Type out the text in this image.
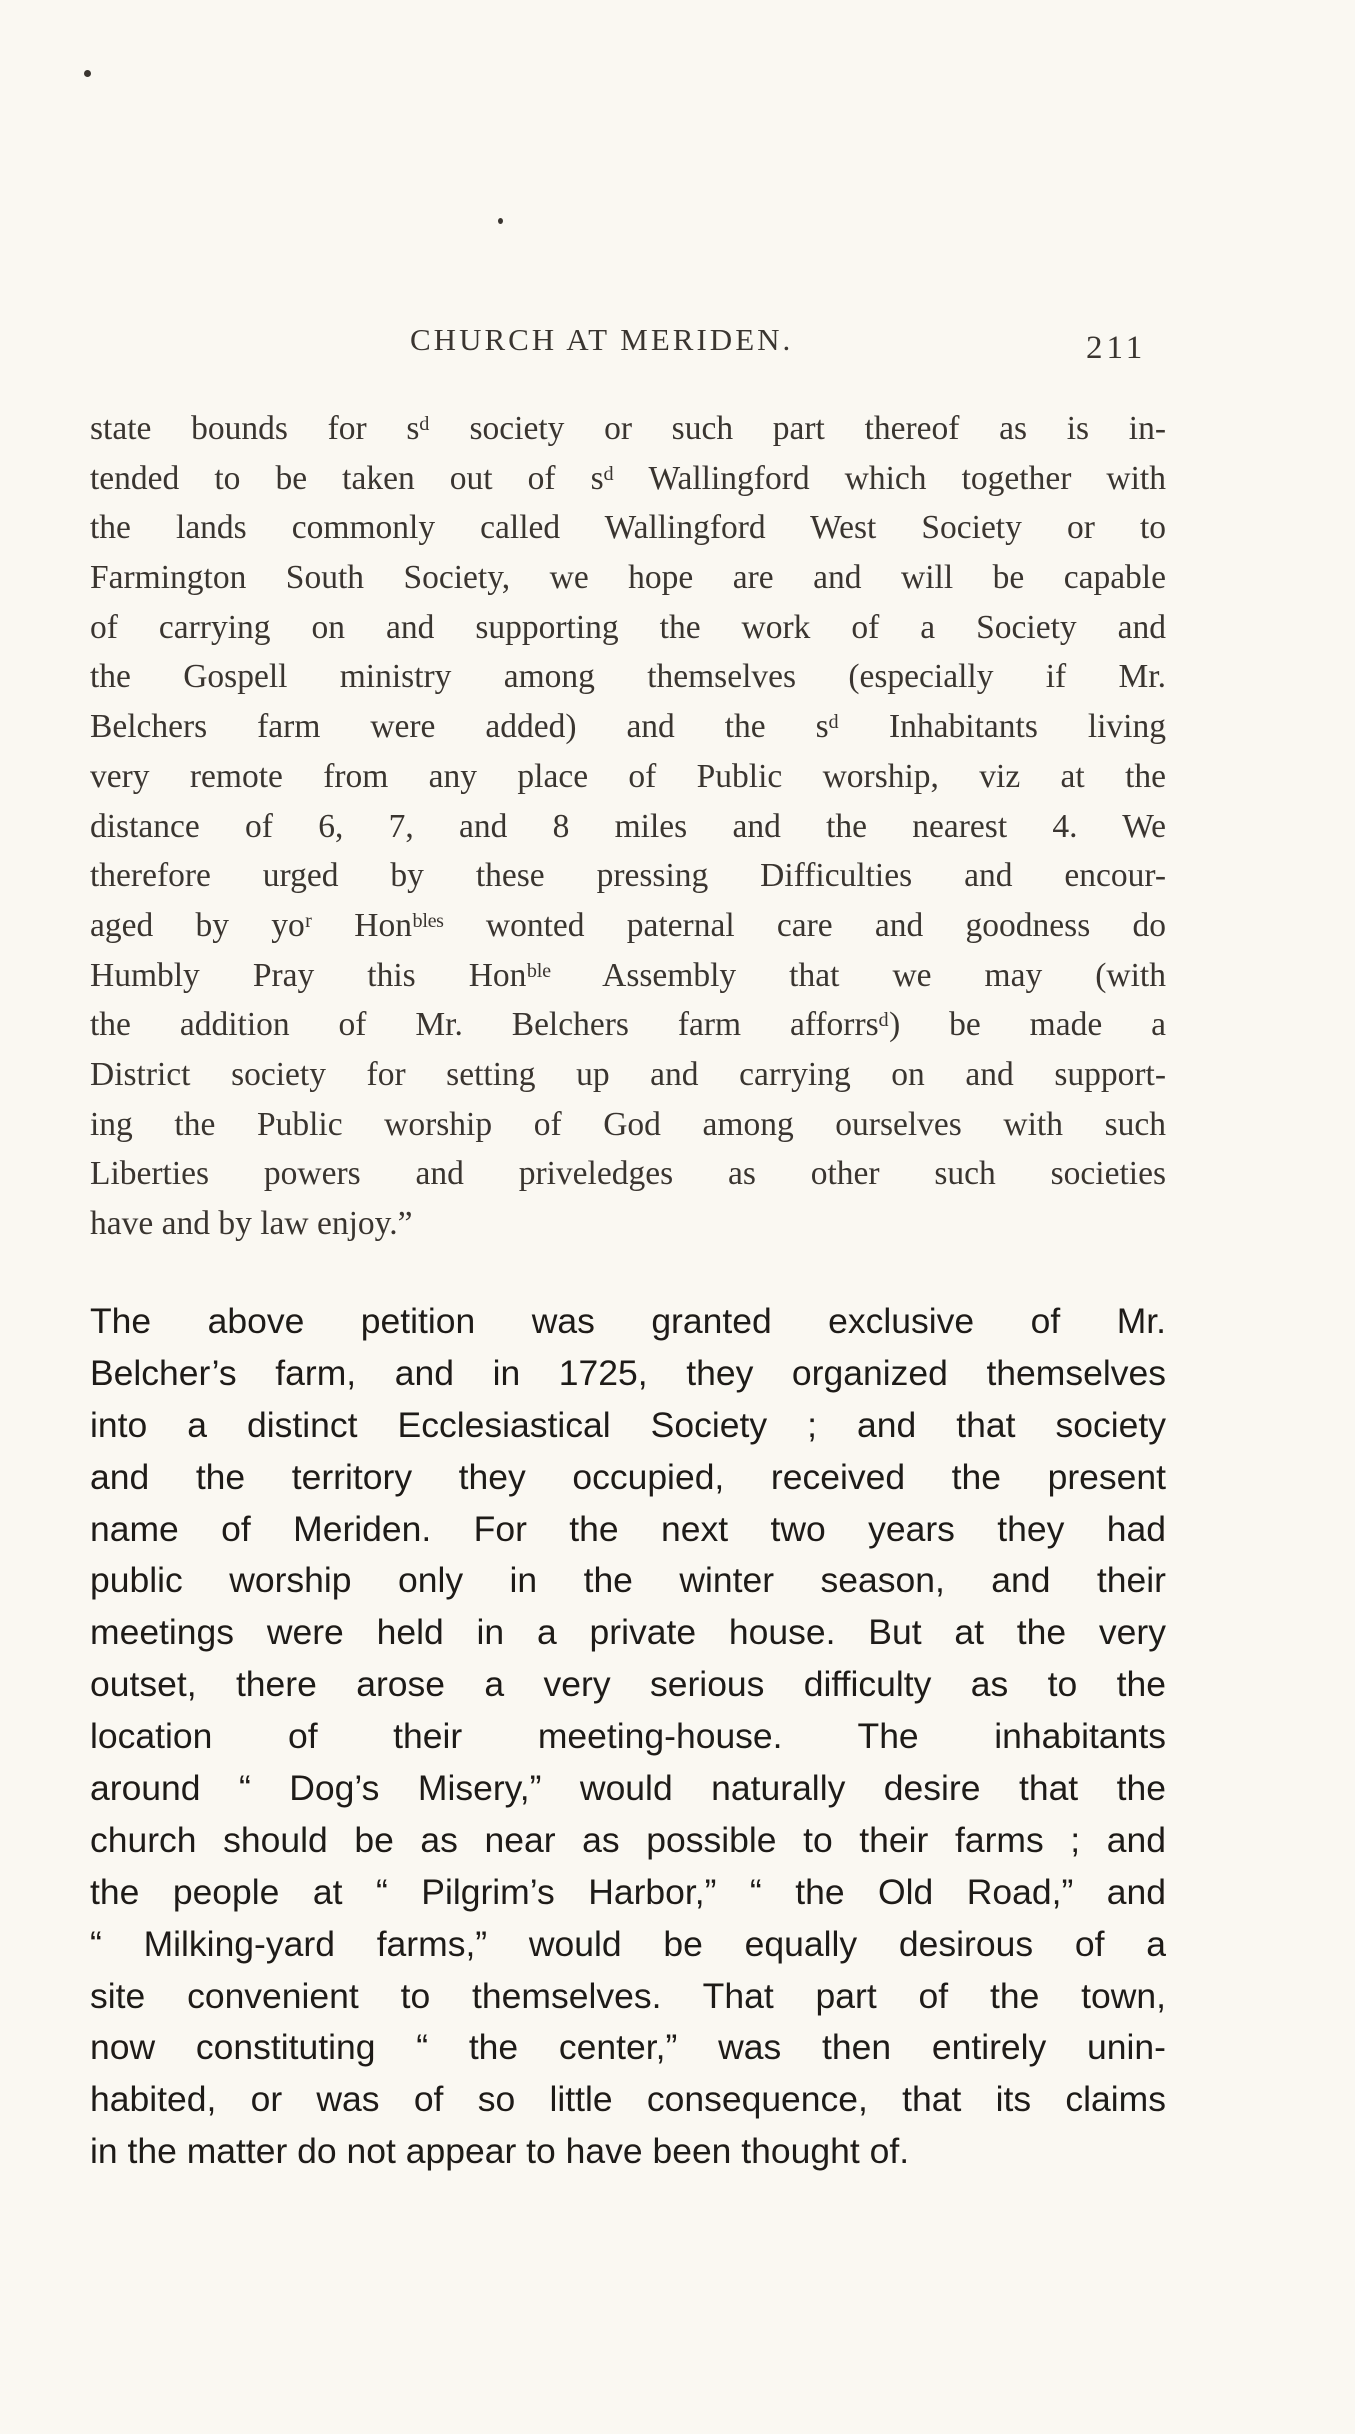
CHURCH AT MERIDEN.	211
state bounds for sᵈ society or such part thereof as is in-
tended to be taken out of sᵈ Wallingford which together with
the lands commonly called Wallingford West Society or to
Farmington South Society, we hope are and will be capable
of carrying on and supporting the work of a Society and
the Gospell ministry among themselves (especially if Mr.
Belchers farm were added) and the sᵈ Inhabitants living
very remote from any place of Public worship, viz at the
distance of 6, 7, and 8 miles and the nearest 4. We
therefore urged by these pressing Difficulties and encour-
aged by yoʳ Honᵇˡᵉˢ wonted paternal care and goodness do
Humbly Pray this Honᵇˡᵉ Assembly that we may (with
the addition of Mr. Belchers farm afforrsᵈ) be made a
District society for setting up and carrying on and support-
ing the Public worship of God among ourselves with such
Liberties powers and priveledges as other such societies
have and by law enjoy.”
The above petition was granted exclusive of Mr.
Belcher’s farm, and in 1725, they organized themselves
into a distinct Ecclesiastical Society ; and that society
and the territory they occupied, received the present
name of Meriden. For the next two years they had
public worship only in the winter season, and their
meetings were held in a private house. But at the very
outset, there arose a very serious difficulty as to the
location of their meeting-house. The inhabitants
around “ Dog’s Misery,” would naturally desire that the
church should be as near as possible to their farms ; and
the people at “ Pilgrim’s Harbor,” “ the Old Road,” and
“ Milking-yard farms,” would be equally desirous of a
site convenient to themselves. That part of the town,
now constituting “ the center,” was then entirely unin-
habited, or was of so little consequence, that its claims
in the matter do not appear to have been thought of.
